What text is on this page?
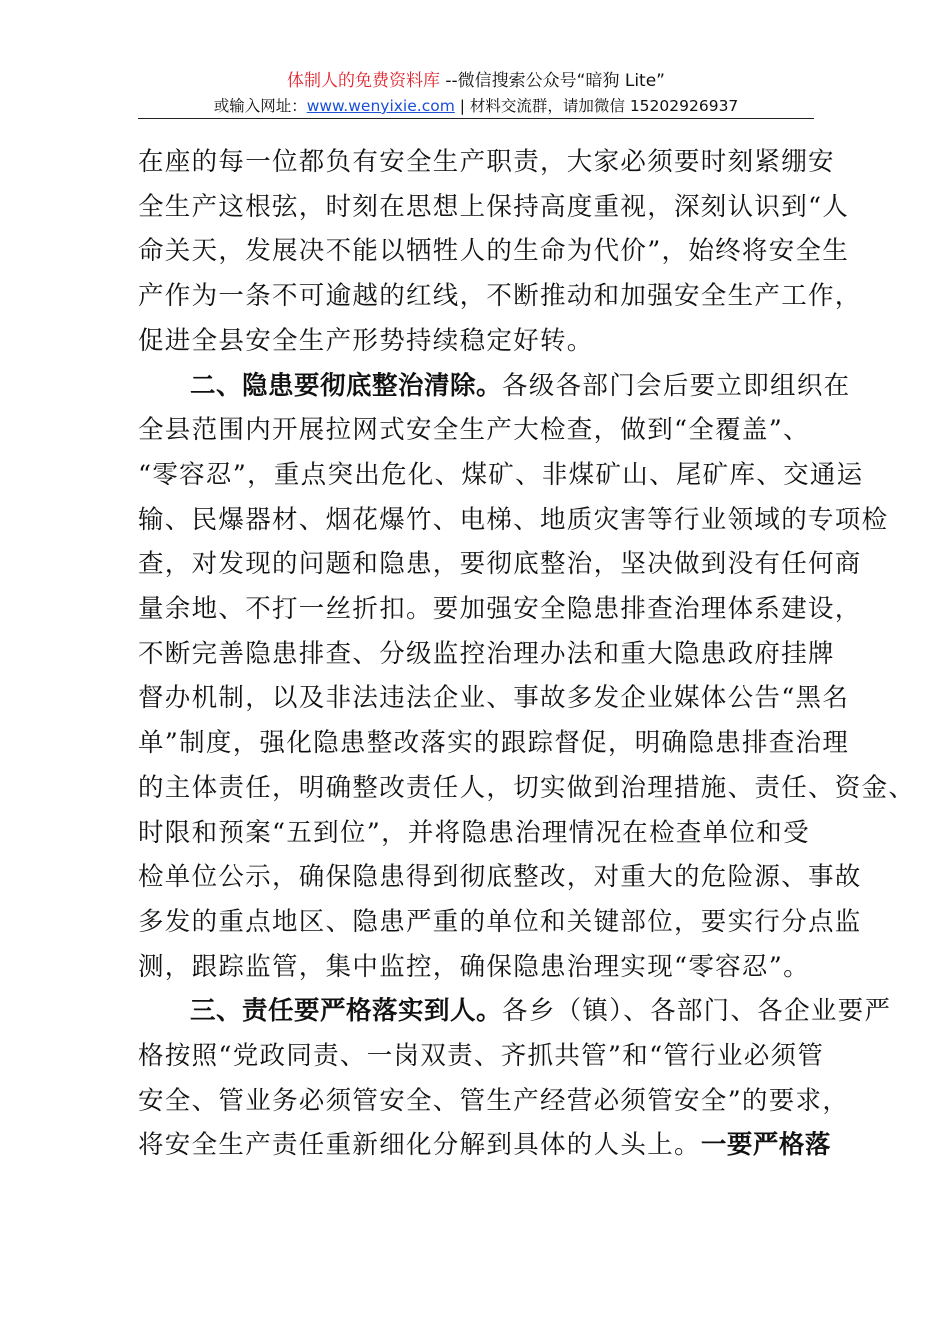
体制人的免费资料库 --微信搜索公众号“暗狗 Lite”
或输入网址：www.wenyixie.com | 材料交流群，请加微信 15202926937

在座的每一位都负有安全生产职责，大家必须要时刻紧绷安

全生产这根弦，时刻在思想上保持高度重视，深刻认识到“人

命关天，发展决不能以牺牲人的生命为代价”，始终将安全生

产作为一条不可逾越的红线，不断推动和加强安全生产工作，

促进全县安全生产形势持续稳定好转。

二、隐患要彻底整治清除。各级各部门会后要立即组织在

全县范围内开展拉网式安全生产大检查，做到“全覆盖”、

“零容忍”，重点突出危化、煤矿、非煤矿山、尾矿库、交通运

输、民爆器材、烟花爆竹、电梯、地质灾害等行业领域的专项检

查，对发现的问题和隐患，要彻底整治，坚决做到没有任何商

量余地、不打一丝折扣。要加强安全隐患排查治理体系建设，

不断完善隐患排查、分级监控治理办法和重大隐患政府挂牌

督办机制，以及非法违法企业、事故多发企业媒体公告“黑名

单”制度，强化隐患整改落实的跟踪督促，明确隐患排查治理

的主体责任，明确整改责任人，切实做到治理措施、责任、资金、

时限和预案“五到位”，并将隐患治理情况在检查单位和受

检单位公示，确保隐患得到彻底整改，对重大的危险源、事故

多发的重点地区、隐患严重的单位和关键部位，要实行分点监

测，跟踪监管，集中监控，确保隐患治理实现“零容忍”。

三、责任要严格落实到人。各乡（镇）、各部门、各企业要严

格按照“党政同责、一岗双责、齐抓共管”和“管行业必须管

安全、管业务必须管安全、管生产经营必须管安全”的要求，

将安全生产责任重新细化分解到具体的人头上。一要严格落
